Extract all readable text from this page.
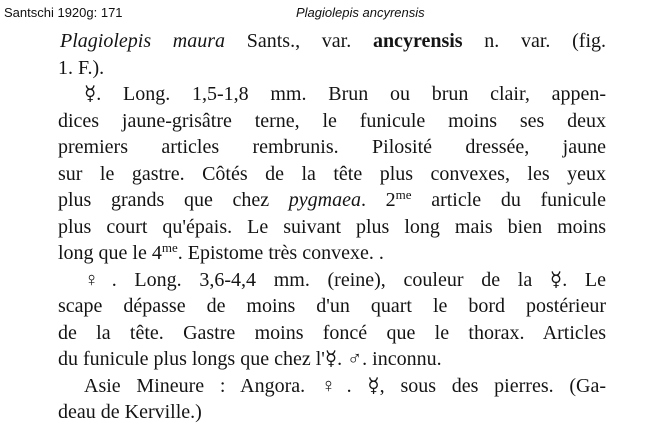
Santschi 1920g: 171	Plagiolepis ancyrensis
Plagiolepis maura Sants., var. ancyrensis n. var. (fig.
1. F.).
☿. Long. 1,5-1,8 mm. Brun ou brun clair, appen-
dices jaune-grisâtre terne, le funicule moins ses deux
premiers articles rembrunis. Pilosité dressée, jaune
sur le gastre. Côtés de la tête plus convexes, les yeux
plus grands que chez pygmaea. $2^{me}$ article du funicule
plus court qu'épais. Le suivant plus long mais bien moins
long que le $4^{me}$. Epistome très convexe. .
♀. Long. 3,6-4,4 mm. (reine), couleur de la ☿. Le
scape dépasse de moins d'un quart le bord postérieur
de la tête. Gastre moins foncé que le thorax. Articles
du funicule plus longs que chez l'☿. ♂. inconnu.
Asie Mineure : Angora. ♀. ☿, sous des pierres. (Ga-
deau de Kerville.)
